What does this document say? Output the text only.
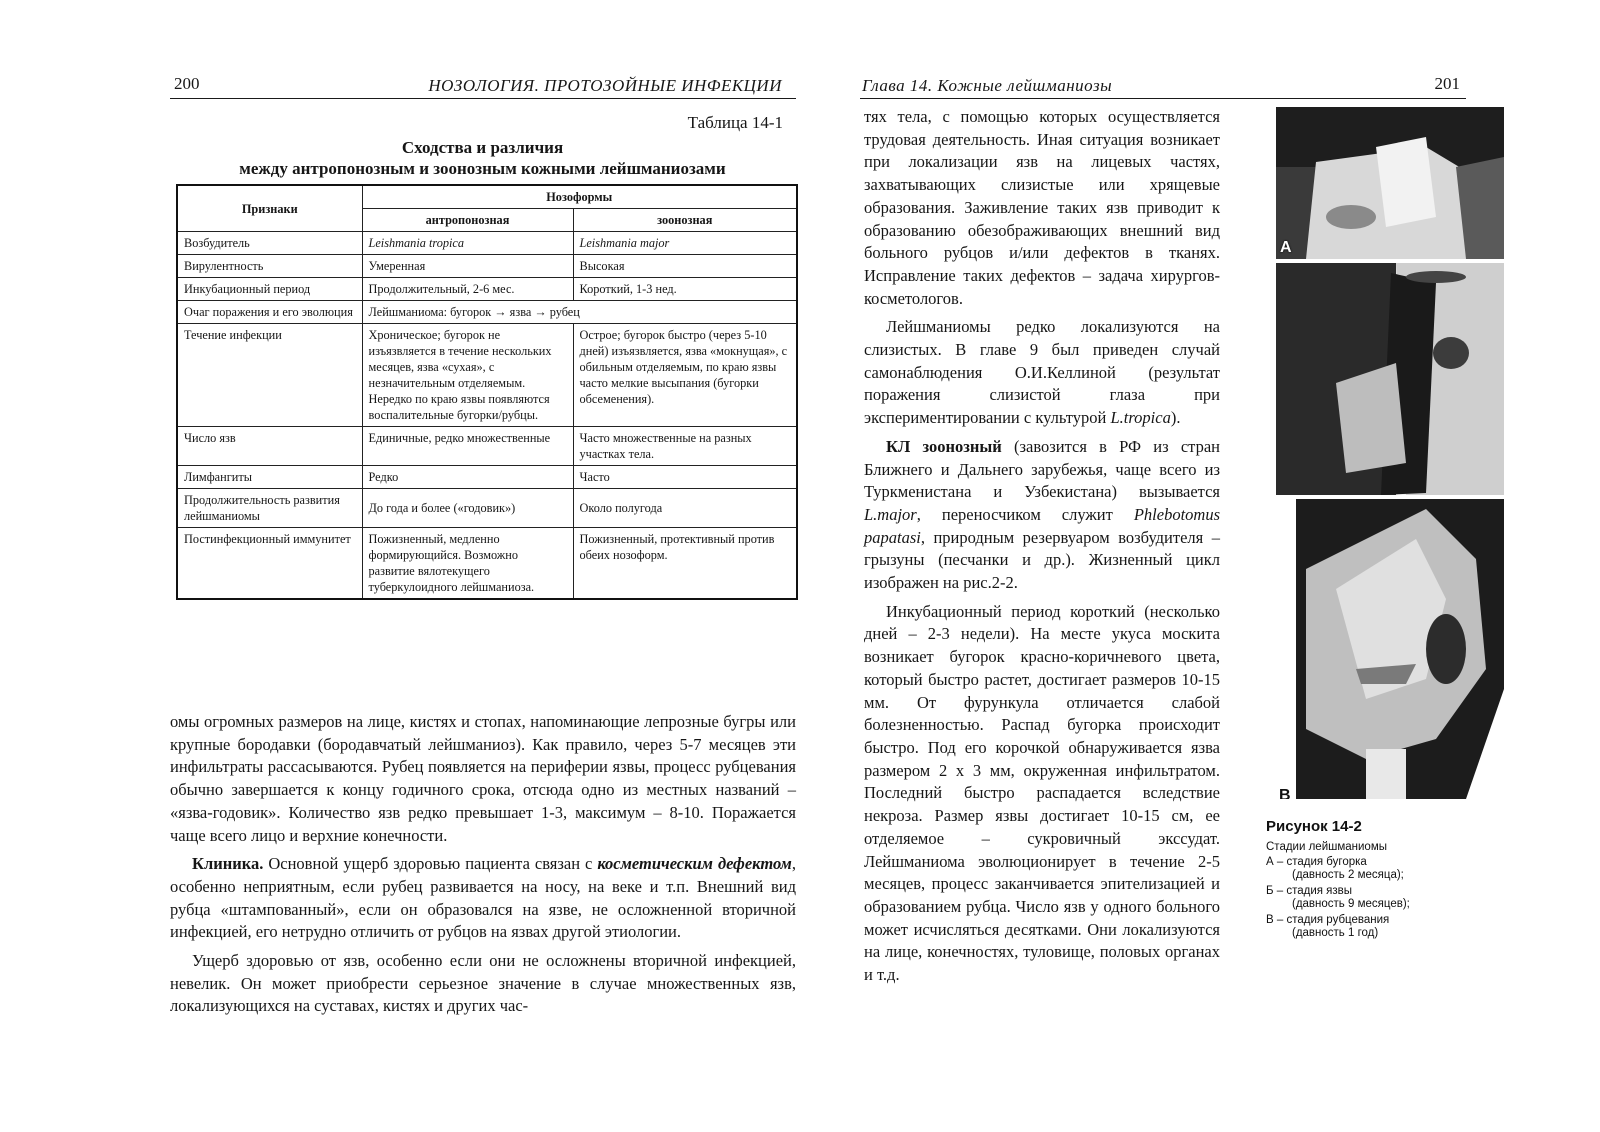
200	НОЗОЛОГИЯ. ПРОТОЗОЙНЫЕ ИНФЕКЦИИ
Таблица 14-1
Сходства и различия
между антропонозным и зоонозным кожными лейшманиозами
Признаки	Нозоформы	
	антропонозная	зоонозная
Возбудитель	Leishmania tropica	Leishmania major
Вирулентность	Умеренная	Высокая
Инкубационный период	Продолжительный, 2-6 мес.	Короткий, 1-3 нед.
Очаг поражения и его эволюция	Лейшманиома: бугорок → язва → рубец	
Течение инфекции	Хроническое; бугорок не изъязвляется в течение нескольких месяцев, язва «сухая», с незначительным отделяемым. Нередко по краю язвы появляются воспалительные бугорки/рубцы.	Острое; бугорок быстро (через 5-10 дней) изъязвляется, язва «мокнущая», с обильным отделяемым, по краю язвы часто мелкие высыпания (бугорки обсеменения).
Число язв	Единичные, редко множественные	Часто множественные на разных участках тела.
Лимфангиты	Редко	Часто
Продолжительность развития лейшманиомы	До года и более («годовик»)	Около полугода
Постинфекционный иммунитет	Пожизненный, медленно формирующийся. Возможно развитие вялотекущего туберкулоидного лейшманиоза.	Пожизненный, протективный против обеих нозоформ.

омы огромных размеров на лице, кистях и стопах, напоминающие лепрозные бугры или крупные бородавки (бородавчатый лейшманиоз). Как правило, через 5-7 месяцев эти инфильтраты рассасываются. Рубец появляется на периферии язвы, процесс рубцевания обычно завершается к концу годичного срока, отсюда одно из местных названий – «язва-годовик». Количество язв редко превышает 1-3, максимум – 8-10. Поражается чаще всего лицо и верхние конечности.

Клиника. Основной ущерб здоровью пациента связан с косметическим дефектом, особенно неприятным, если рубец развивается на носу, на веке и т.п. Внешний вид рубца «штампованный», если он образовался на язве, не осложненной вторичной инфекцией, его нетрудно отличить от рубцов на язвах другой этиологии.

Ущерб здоровью от язв, особенно если они не осложнены вторичной инфекцией, невелик. Он может приобрести серьезное значение в случае множественных язв, локализующихся на суставах, кистях и других час-

Глава 14. Кожные лейшманиозы	201

тях тела, с помощью которых осуществляется трудовая деятельность. Иная ситуация возникает при локализации язв на лицевых частях, захватывающих слизистые или хрящевые образования. Заживление таких язв приводит к образованию обезображивающих внешний вид больного рубцов и/или дефектов в тканях. Исправление таких дефектов – задача хирургов-косметологов.

Лейшманиомы редко локализуются на слизистых. В главе 9 был приведен случай самонаблюдения О.И.Келлиной (результат поражения слизистой глаза при экспериментировании с культурой L.tropica).

КЛ зоонозный (завозится в РФ из стран Ближнего и Дальнего зарубежья, чаще всего из Туркменистана и Узбекистана) вызывается L.major, переносчиком служит Phlebotomus papatasi, природным резервуаром возбудителя – грызуны (песчанки и др.). Жизненный цикл изображен на рис.2-2.

Инкубационный период короткий (несколько дней – 2-3 недели). На месте укуса москита возникает бугорок красно-коричневого цвета, который быстро растет, достигает размеров 10-15 мм. От фурункула отличается слабой болезненностью. Распад бугорка происходит быстро. Под его корочкой обнаруживается язва размером 2 x 3 мм, окруженная инфильтратом. Последний быстро распадается вследствие некроза. Размер язвы достигает 10-15 см, ее отделяемое – сукровичный экссудат. Лейшманиома эволюционирует в течение 2-5 месяцев, процесс заканчивается эпителизацией и образованием рубца. Число язв у одного больного может исчисляться десятками. Они локализуются на лице, конечностях, туловище, половых органах и т.д.

А
В
Рисунок 14-2
Стадии лейшманиомы
А – стадия бугорка
(давность 2 месяца);
Б – стадия язвы
(давность 9 месяцев);
В – стадия рубцевания
(давность 1 год)
